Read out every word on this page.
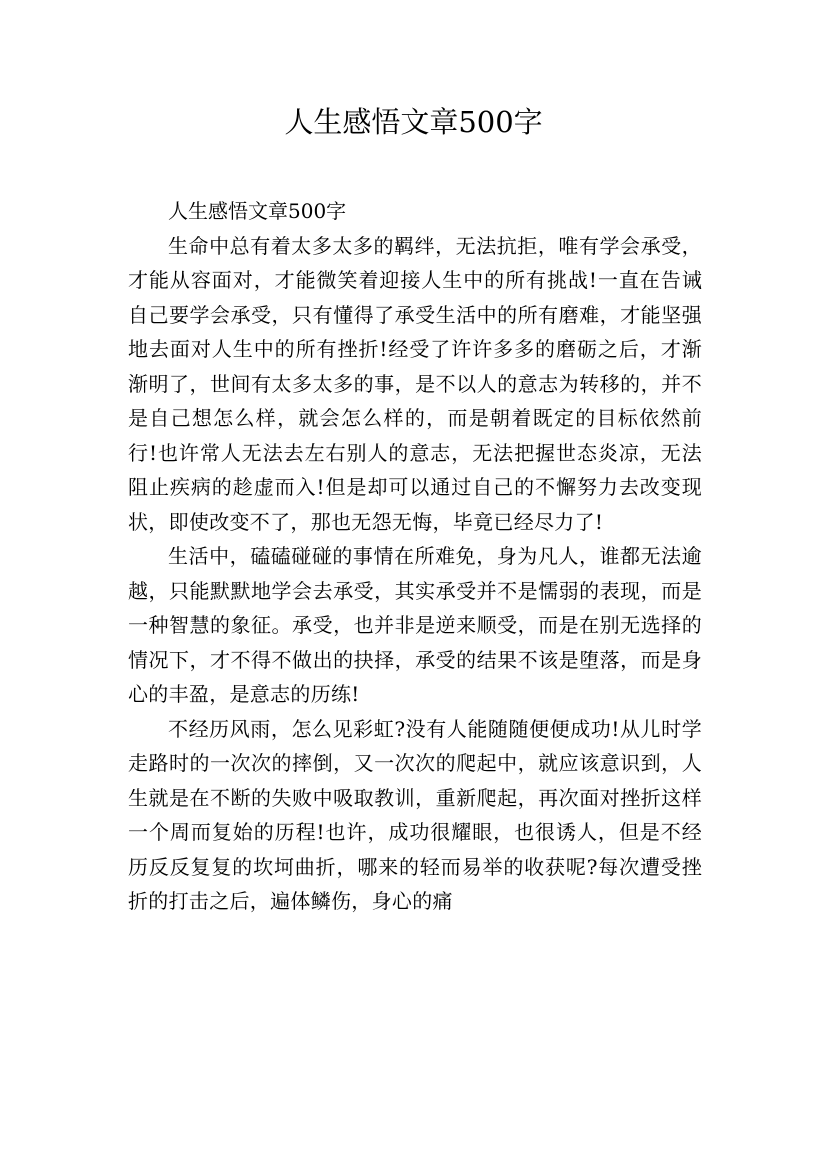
人生感悟文章500字

人生感悟文章500字

生命中总有着太多太多的羁绊，无法抗拒，唯有学会承受，才能从容面对，才能微笑着迎接人生中的所有挑战!一直在告诫自己要学会承受，只有懂得了承受生活中的所有磨难，才能坚强地去面对人生中的所有挫折!经受了许许多多的磨砺之后，才渐渐明了，世间有太多太多的事，是不以人的意志为转移的，并不是自己想怎么样，就会怎么样的，而是朝着既定的目标依然前行!也许常人无法去左右别人的意志，无法把握世态炎凉，无法阻止疾病的趁虚而入!但是却可以通过自己的不懈努力去改变现状，即使改变不了，那也无怨无悔，毕竟已经尽力了!

生活中，磕磕碰碰的事情在所难免，身为凡人，谁都无法逾越，只能默默地学会去承受，其实承受并不是懦弱的表现，而是一种智慧的象征。承受，也并非是逆来顺受，而是在别无选择的情况下，才不得不做出的抉择，承受的结果不该是堕落，而是身心的丰盈，是意志的历练!

不经历风雨，怎么见彩虹?没有人能随随便便成功!从儿时学走路时的一次次的摔倒，又一次次的爬起中，就应该意识到，人生就是在不断的失败中吸取教训，重新爬起，再次面对挫折这样一个周而复始的历程!也许，成功很耀眼，也很诱人，但是不经历反反复复的坎坷曲折，哪来的轻而易举的收获呢?每次遭受挫折的打击之后，遍体鳞伤，身心的痛
